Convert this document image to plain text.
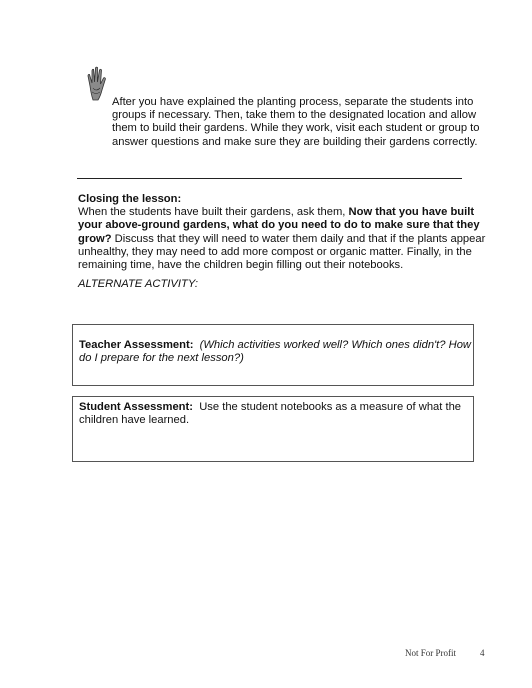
After you have explained the planting process, separate the students into groups if necessary. Then, take them to the designated location and allow them to build their gardens. While they work, visit each student or group to answer questions and make sure they are building their gardens correctly.
Closing the lesson:
When the students have built their gardens, ask them, Now that you have built your above-ground gardens, what do you need to do to make sure that they grow? Discuss that they will need to water them daily and that if the plants appear unhealthy, they may need to add more compost or organic matter. Finally, in the remaining time, have the children begin filling out their notebooks.
ALTERNATE ACTIVITY:
Teacher Assessment: (Which activities worked well? Which ones didn't? How do I prepare for the next lesson?)
Student Assessment: Use the student notebooks as a measure of what the children have learned.
Not For Profit	4
